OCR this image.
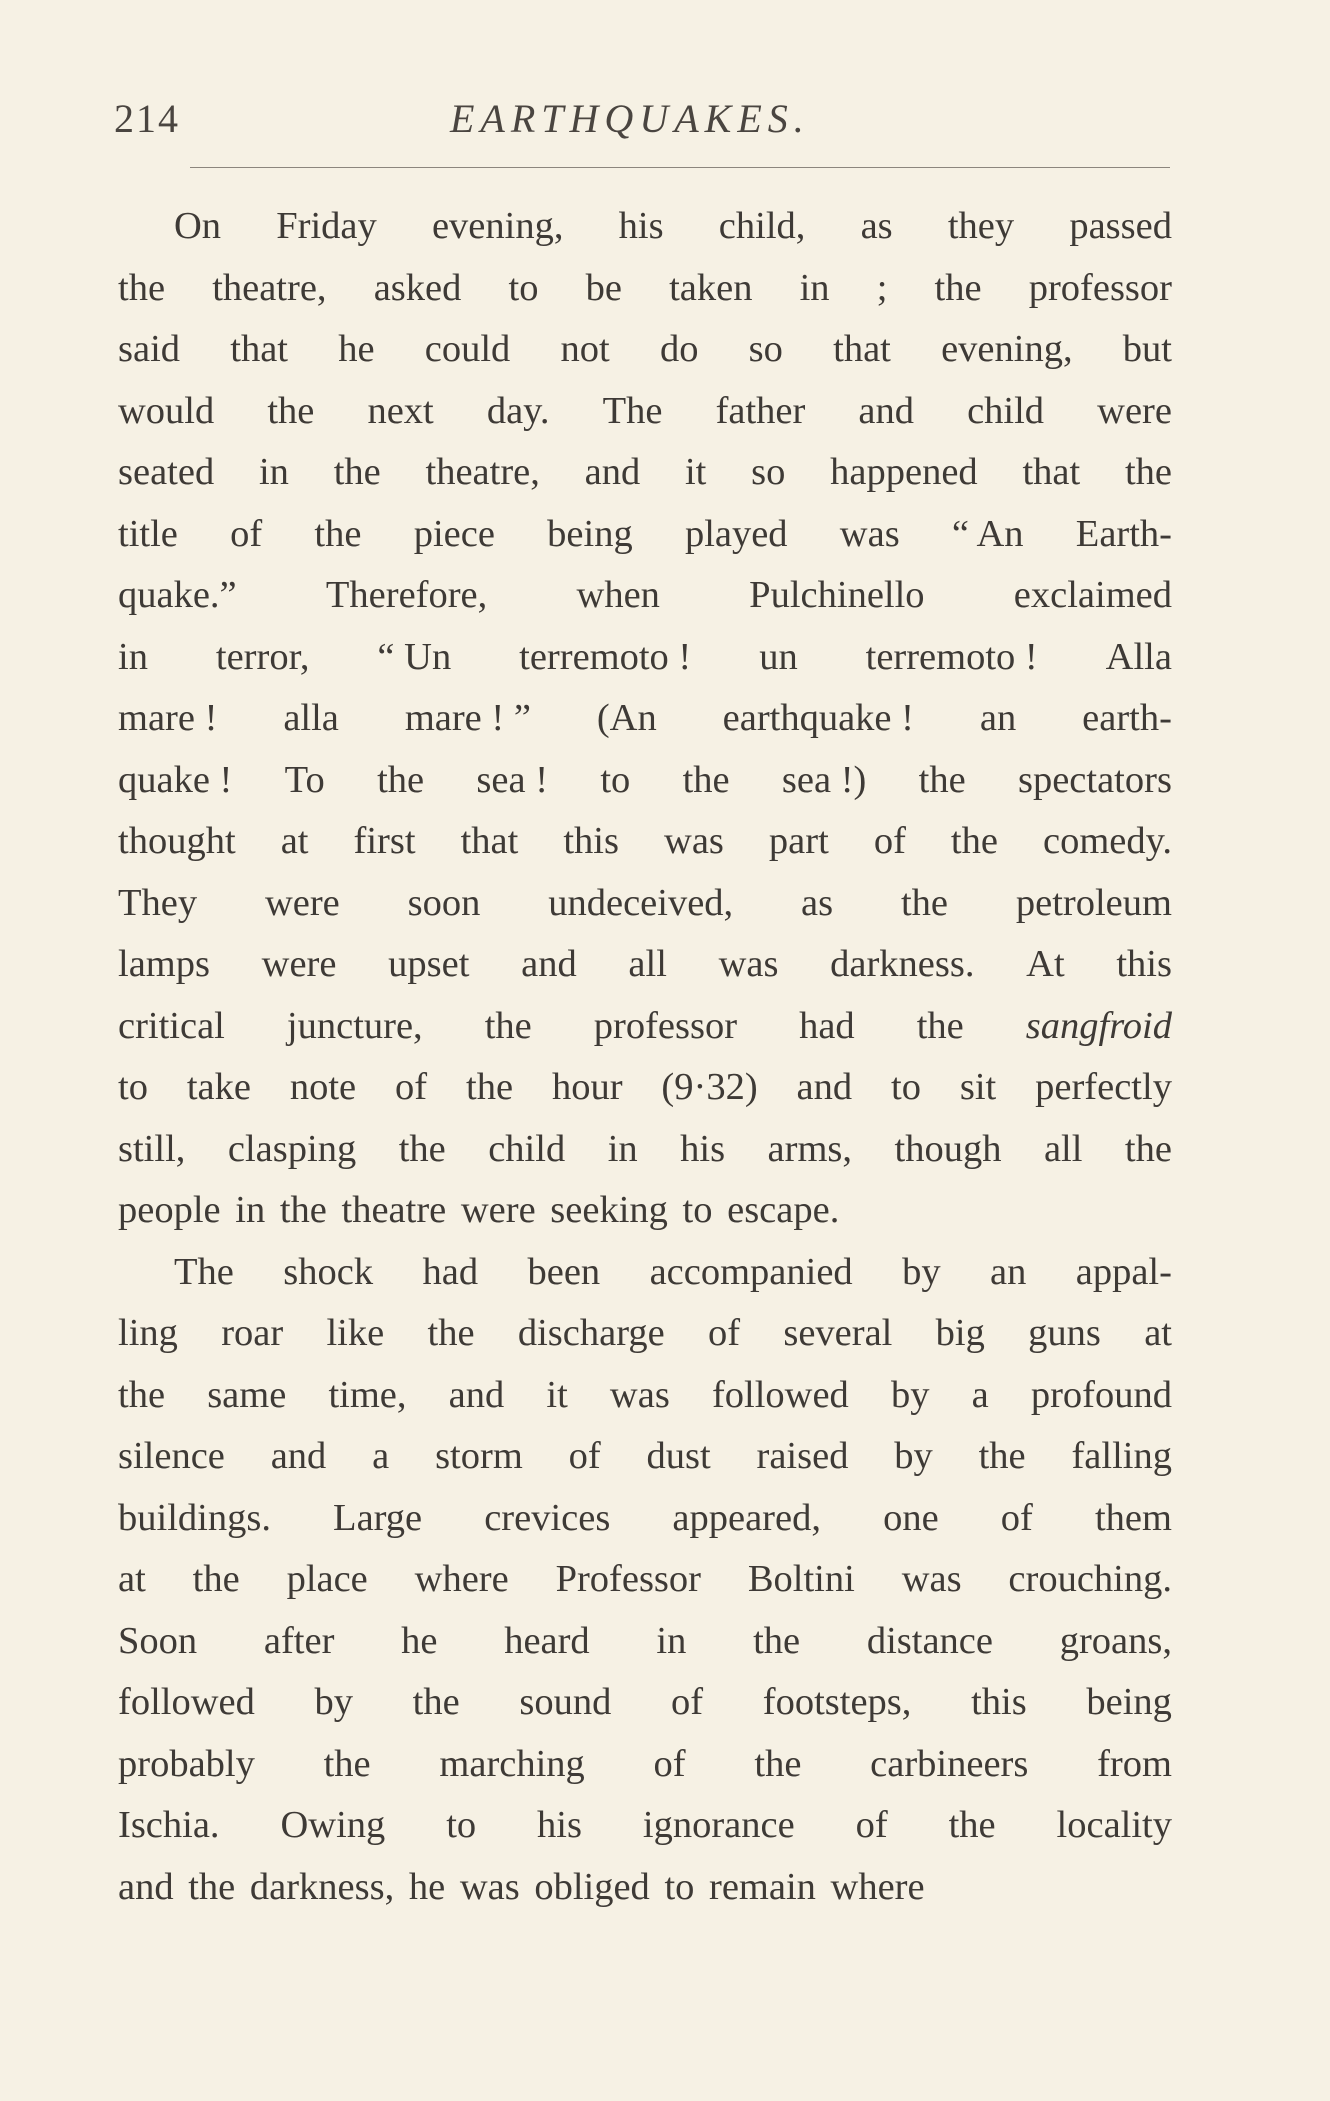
214	EARTHQUAKES.
On Friday evening, his child, as they passed
the theatre, asked to be taken in ; the professor
said that he could not do so that evening, but
would the next day. The father and child were
seated in the theatre, and it so happened that the
title of the piece being played was “ An Earth-
quake.” Therefore, when Pulchinello exclaimed
in terror, “ Un terremoto ! un terremoto ! Alla
mare ! alla mare ! ” (An earthquake ! an earth-
quake ! To the sea ! to the sea !) the spectators
thought at first that this was part of the comedy.
They were soon undeceived, as the petroleum
lamps were upset and all was darkness. At this
critical juncture, the professor had the sangfroid
to take note of the hour (9·32) and to sit perfectly
still, clasping the child in his arms, though all the
people in the theatre were seeking to escape.
The shock had been accompanied by an appal-
ling roar like the discharge of several big guns at
the same time, and it was followed by a profound
silence and a storm of dust raised by the falling
buildings. Large crevices appeared, one of them
at the place where Professor Boltini was crouching.
Soon after he heard in the distance groans,
followed by the sound of footsteps, this being
probably the marching of the carbineers from
Ischia. Owing to his ignorance of the locality
and the darkness, he was obliged to remain where
